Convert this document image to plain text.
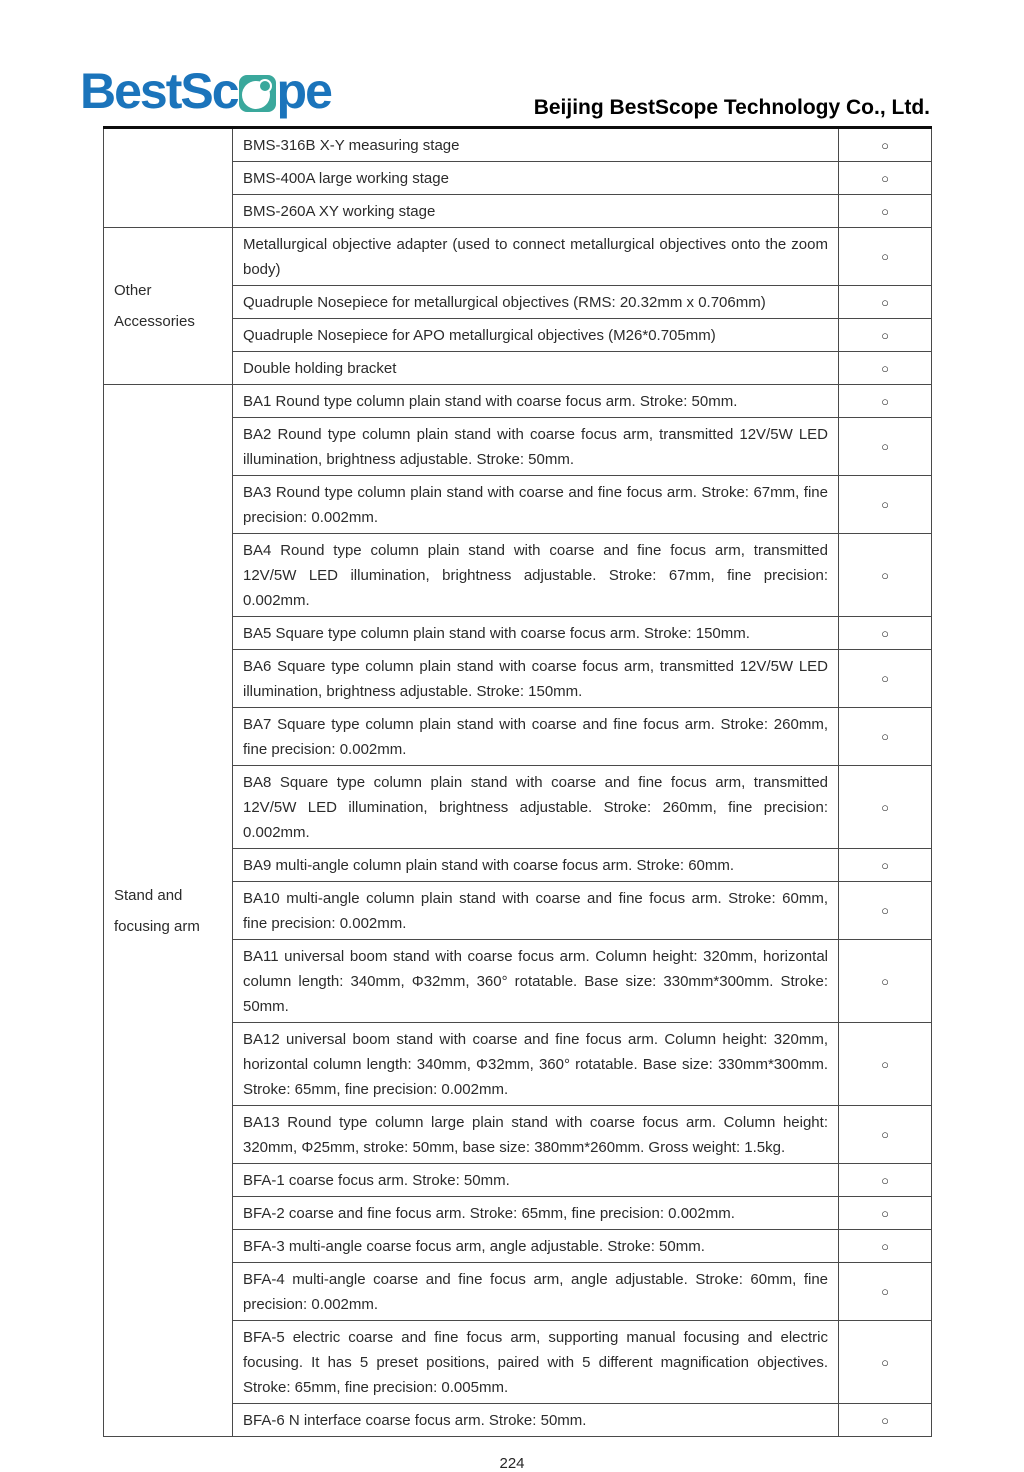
BestSc pe	Beijing BestScope Technology Co., Ltd.
	BMS-316B X-Y measuring stage	○
	BMS-400A large working stage	○
	BMS-260A XY working stage	○

Other
Accessories	Metallurgical objective adapter (used to connect metallurgical objectives onto the zoom body)	○
	Quadruple Nosepiece for metallurgical objectives (RMS: 20.32mm x 0.706mm)	○
	Quadruple Nosepiece for APO metallurgical objectives (M26*0.705mm)	○
	Double holding bracket	○

Stand and
focusing arm	BA1 Round type column plain stand with coarse focus arm. Stroke: 50mm.	○
	BA2 Round type column plain stand with coarse focus arm, transmitted 12V/5W LED illumination, brightness adjustable. Stroke: 50mm.	○
	BA3 Round type column plain stand with coarse and fine focus arm. Stroke: 67mm, fine precision: 0.002mm.	○
	BA4 Round type column plain stand with coarse and fine focus arm, transmitted 12V/5W LED illumination, brightness adjustable. Stroke: 67mm, fine precision: 0.002mm.	○
	BA5 Square type column plain stand with coarse focus arm. Stroke: 150mm.	○
	BA6 Square type column plain stand with coarse focus arm, transmitted 12V/5W LED illumination, brightness adjustable. Stroke: 150mm.	○
	BA7 Square type column plain stand with coarse and fine focus arm. Stroke: 260mm, fine precision: 0.002mm.	○
	BA8 Square type column plain stand with coarse and fine focus arm, transmitted 12V/5W LED illumination, brightness adjustable. Stroke: 260mm, fine precision: 0.002mm.	○
	BA9 multi-angle column plain stand with coarse focus arm. Stroke: 60mm.	○
	BA10 multi-angle column plain stand with coarse and fine focus arm. Stroke: 60mm, fine precision: 0.002mm.	○
	BA11 universal boom stand with coarse focus arm. Column height: 320mm, horizontal column length: 340mm, Φ32mm, 360° rotatable. Base size: 330mm*300mm. Stroke: 50mm.	○
	BA12 universal boom stand with coarse and fine focus arm. Column height: 320mm, horizontal column length: 340mm, Φ32mm, 360° rotatable. Base size: 330mm*300mm. Stroke: 65mm, fine precision: 0.002mm.	○
	BA13 Round type column large plain stand with coarse focus arm. Column height: 320mm, Φ25mm, stroke: 50mm, base size: 380mm*260mm. Gross weight: 1.5kg.	○
	BFA-1 coarse focus arm. Stroke: 50mm.	○
	BFA-2 coarse and fine focus arm. Stroke: 65mm, fine precision: 0.002mm.	○
	BFA-3 multi-angle coarse focus arm, angle adjustable. Stroke: 50mm.	○
	BFA-4 multi-angle coarse and fine focus arm, angle adjustable. Stroke: 60mm, fine precision: 0.002mm.	○
	BFA-5 electric coarse and fine focus arm, supporting manual focusing and electric focusing. It has 5 preset positions, paired with 5 different magnification objectives. Stroke: 65mm, fine precision: 0.005mm.	○
	BFA-6 N interface coarse focus arm. Stroke: 50mm.	○
224
